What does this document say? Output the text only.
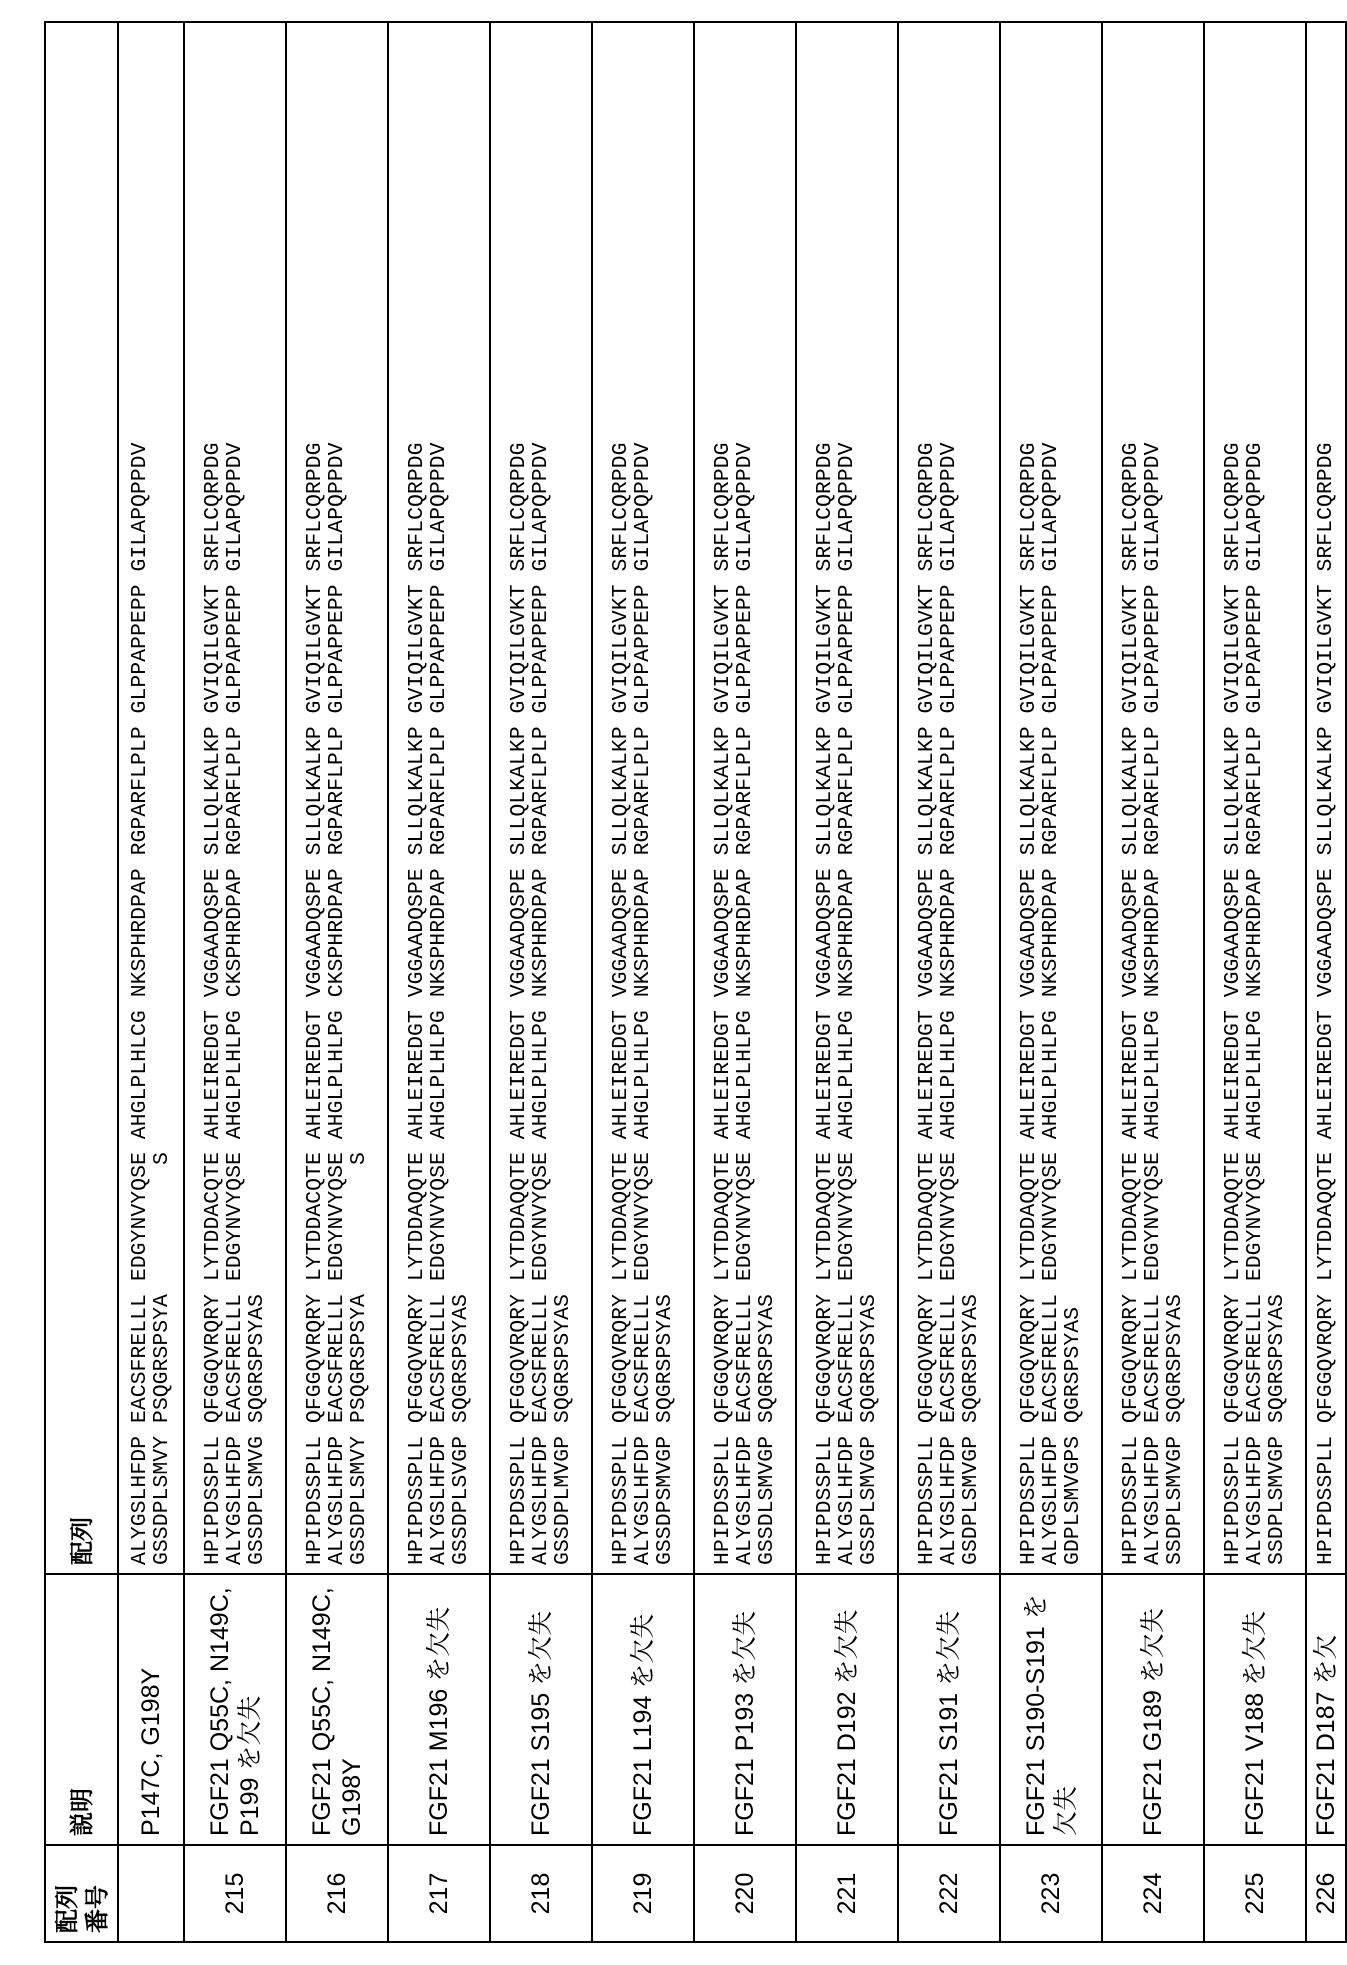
配列
番号	説明	配列
	P147C, G198Y	ALYGSLHFDP EACSFRELLL EDGYNVYQSE AHGLPLHLCG NKSPHRDPAP RGPARFLPLP GLPPAPPEPP GILAPQPPDV
GSSDPLSMVY PSQGRSPSYA          S

215	FGF21 Q55C, N149C, P199 を欠失	HPIPDSSPLL QFGGQVRQRY LYTDDACQTE AHLEIREDGT VGGAADQSPE SLLQLKALKP GVIQILGVKT SRFLCQRPDG
ALYGSLHFDP EACSFRELLL EDGYNVYQSE AHGLPLHLPG CKSPHRDPAP RGPARFLPLP GLPPAPPEPP GILAPQPPDV
GSSDPLSMVG SQGRSPSYAS

216	FGF21 Q55C, N149C, G198Y	HPIPDSSPLL QFGGQVRQRY LYTDDACQTE AHLEIREDGT VGGAADQSPE SLLQLKALKP GVIQILGVKT SRFLCQRPDG
ALYGSLHFDP EACSFRELLL EDGYNVYQSE AHGLPLHLPG CKSPHRDPAP RGPARFLPLP GLPPAPPEPP GILAPQPPDV
GSSDPLSMVY PSQGRSPSYA          S

217	FGF21 M196 を欠失	HPIPDSSPLL QFGGQVRQRY LYTDDAQQTE AHLEIREDGT VGGAADQSPE SLLQLKALKP GVIQILGVKT SRFLCQRPDG
ALYGSLHFDP EACSFRELLL EDGYNVYQSE AHGLPLHLPG NKSPHRDPAP RGPARFLPLP GLPPAPPEPP GILAPQPPDV
GSSDPLSVGP SQGRSPSYAS

218	FGF21 S195 を欠失	HPIPDSSPLL QFGGQVRQRY LYTDDAQQTE AHLEIREDGT VGGAADQSPE SLLQLKALKP GVIQILGVKT SRFLCQRPDG
ALYGSLHFDP EACSFRELLL EDGYNVYQSE AHGLPLHLPG NKSPHRDPAP RGPARFLPLP GLPPAPPEPP GILAPQPPDV
GSSDPLMVGP SQGRSPSYAS

219	FGF21 L194 を欠失	HPIPDSSPLL QFGGQVRQRY LYTDDAQQTE AHLEIREDGT VGGAADQSPE SLLQLKALKP GVIQILGVKT SRFLCQRPDG
ALYGSLHFDP EACSFRELLL EDGYNVYQSE AHGLPLHLPG NKSPHRDPAP RGPARFLPLP GLPPAPPEPP GILAPQPPDV
GSSDPSMVGP SQGRSPSYAS

220	FGF21 P193 を欠失	HPIPDSSPLL QFGGQVRQRY LYTDDAQQTE AHLEIREDGT VGGAADQSPE SLLQLKALKP GVIQILGVKT SRFLCQRPDG
ALYGSLHFDP EACSFRELLL EDGYNVYQSE AHGLPLHLPG NKSPHRDPAP RGPARFLPLP GLPPAPPEPP GILAPQPPDV
GSSDLSMVGP SQGRSPSYAS

221	FGF21 D192 を欠失	HPIPDSSPLL QFGGQVRQRY LYTDDAQQTE AHLEIREDGT VGGAADQSPE SLLQLKALKP GVIQILGVKT SRFLCQRPDG
ALYGSLHFDP EACSFRELLL EDGYNVYQSE AHGLPLHLPG NKSPHRDPAP RGPARFLPLP GLPPAPPEPP GILAPQPPDV
GSSPLSMVGP SQGRSPSYAS

222	FGF21 S191 を欠失	HPIPDSSPLL QFGGQVRQRY LYTDDAQQTE AHLEIREDGT VGGAADQSPE SLLQLKALKP GVIQILGVKT SRFLCQRPDG
ALYGSLHFDP EACSFRELLL EDGYNVYQSE AHGLPLHLPG NKSPHRDPAP RGPARFLPLP GLPPAPPEPP GILAPQPPDV
GSDPLSMVGP SQGRSPSYAS

223	FGF21 S190-S191 を欠失	HPIPDSSPLL QFGGQVRQRY LYTDDAQQTE AHLEIREDGT VGGAADQSPE SLLQLKALKP GVIQILGVKT SRFLCQRPDG
ALYGSLHFDP EACSFRELLL EDGYNVYQSE AHGLPLHLPG NKSPHRDPAP RGPARFLPLP GLPPAPPEPP GILAPQPPDV
GDPLSMVGPS QGRSPSYAS

224	FGF21 G189 を欠失	HPIPDSSPLL QFGGQVRQRY LYTDDAQQTE AHLEIREDGT VGGAADQSPE SLLQLKALKP GVIQILGVKT SRFLCQRPDG
ALYGSLHFDP EACSFRELLL EDGYNVYQSE AHGLPLHLPG NKSPHRDPAP RGPARFLPLP GLPPAPPEPP GILAPQPPDV
SSDPLSMVGP SQGRSPSYAS

225	FGF21 V188 を欠失	HPIPDSSPLL QFGGQVRQRY LYTDDAQQTE AHLEIREDGT VGGAADQSPE SLLQLKALKP GVIQILGVKT SRFLCQRPDG
ALYGSLHFDP EACSFRELLL EDGYNVYQSE AHGLPLHLPG NKSPHRDPAP RGPARFLPLP GLPPAPPEPP GILAPQPPDG
SSDPLSMVGP SQGRSPSYAS

226	FGF21 D187 を欠	HPIPDSSPLL QFGGQVRQRY LYTDDAQQTE AHLEIREDGT VGGAADQSPE SLLQLKALKP GVIQILGVKT SRFLCQRPDG
